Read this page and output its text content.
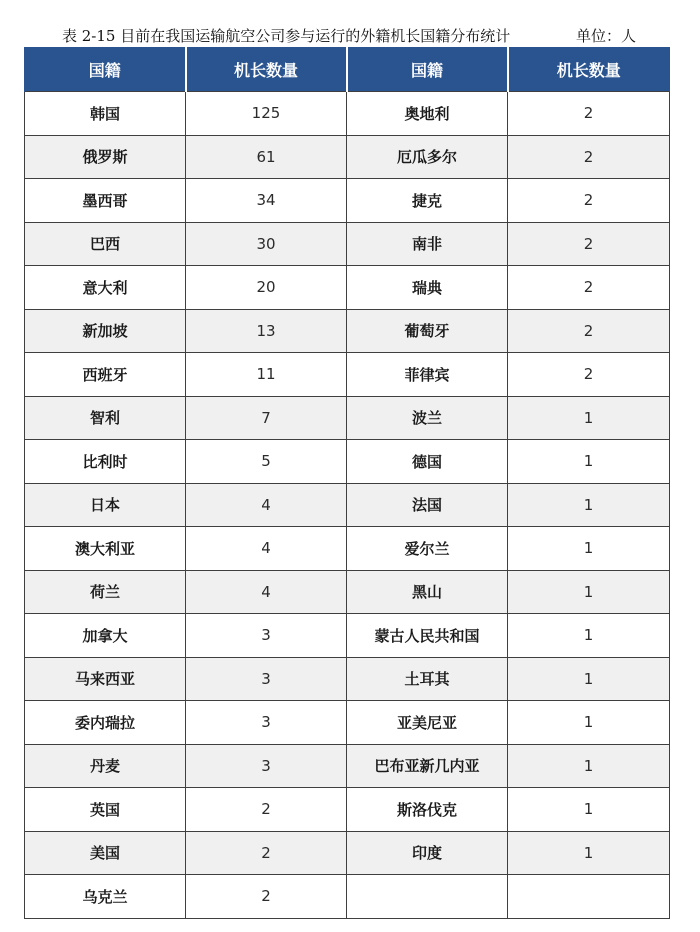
表 2-15 目前在我国运输航空公司参与运行的外籍机长国籍分布统计	单位：人
国籍	机长数量	国籍	机长数量
韩国	125	奥地利	2
俄罗斯	61	厄瓜多尔	2
墨西哥	34	捷克	2
巴西	30	南非	2
意大利	20	瑞典	2
新加坡	13	葡萄牙	2
西班牙	11	菲律宾	2
智利	7	波兰	1
比利时	5	德国	1
日本	4	法国	1
澳大利亚	4	爱尔兰	1
荷兰	4	黑山	1
加拿大	3	蒙古人民共和国	1
马来西亚	3	土耳其	1
委内瑞拉	3	亚美尼亚	1
丹麦	3	巴布亚新几内亚	1
英国	2	斯洛伐克	1
美国	2	印度	1
乌克兰	2		
